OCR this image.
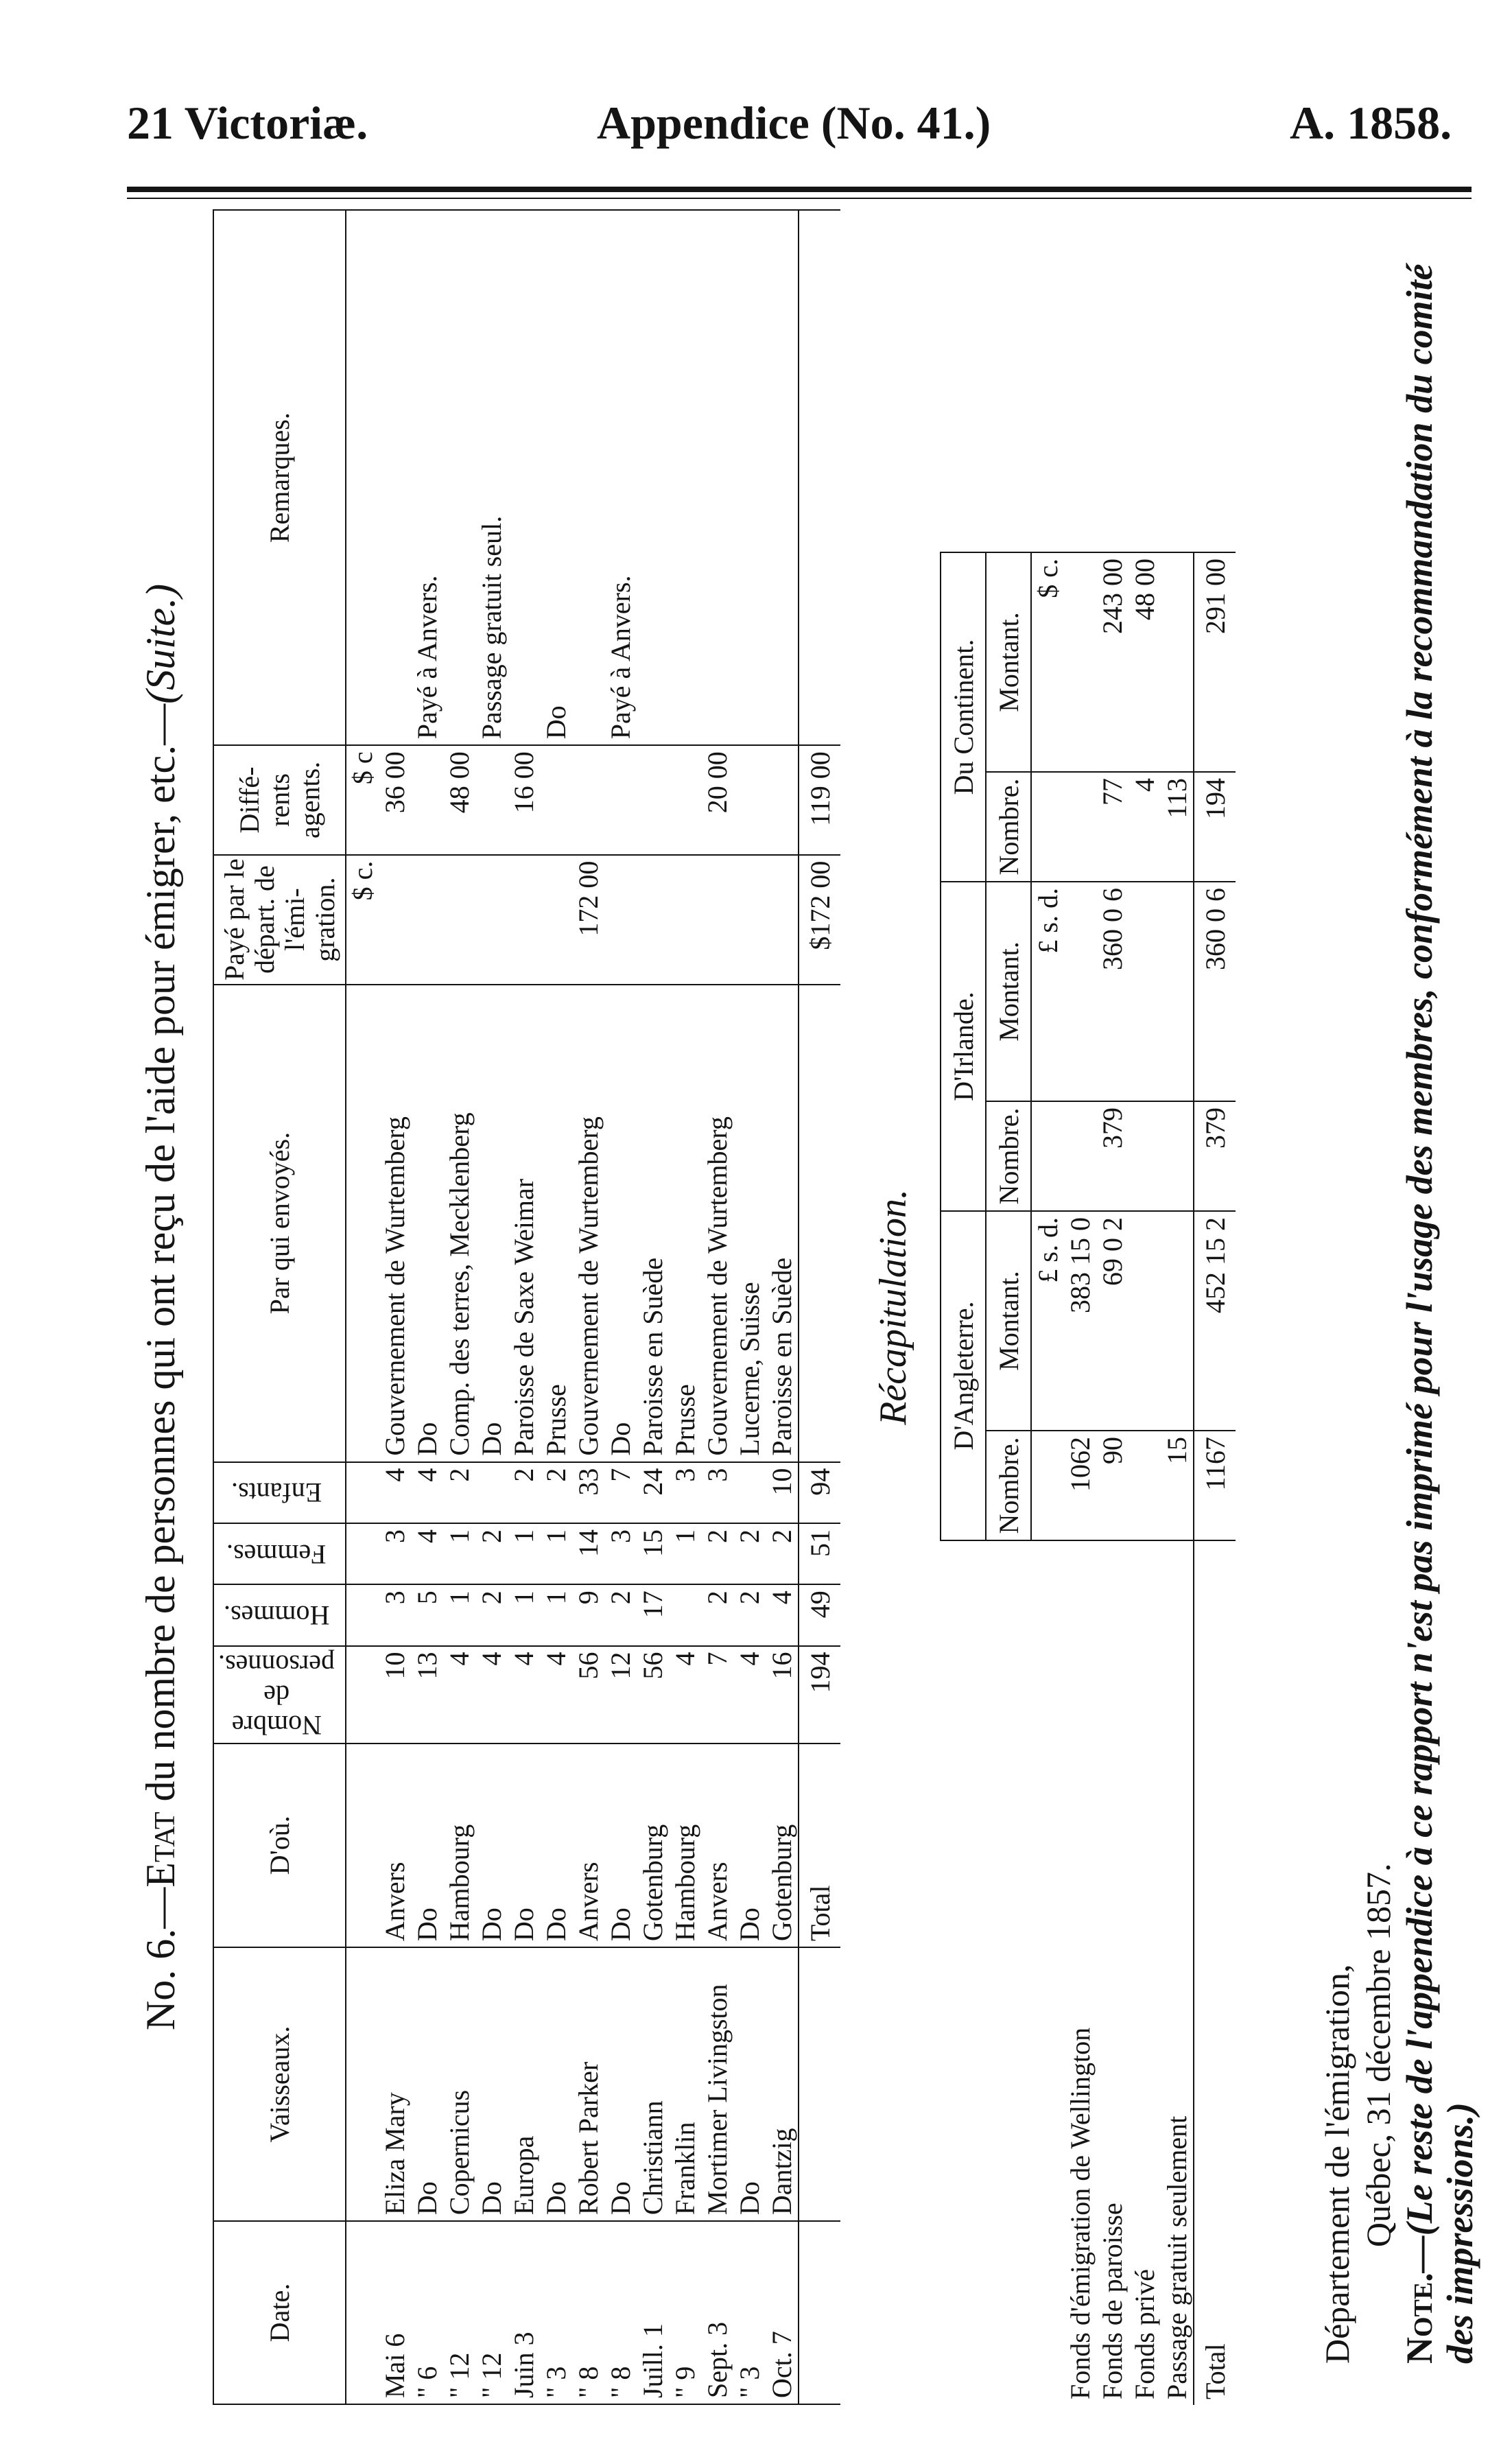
21 Victoriæ.	Appendice (No. 41.)	A. 1858.
No. 6.—Etat du nombre de personnes qui ont reçu de l'aide pour émigrer, etc.—(Suite.)
Date.	Vaisseaux.	D'où.	Nombre de personnes.	Hommes.	Femmes.	Enfants.	Par qui envoyés.	Payé par le départ. de l'émi- gration.	Diffé- rents agents.	Remarques.
								$ c.	$ c	
Mai 6	Eliza Mary	Anvers	10	3	3	4	Gouvernement de Wurtemberg		36 00	
" 6	Do	Do	13	5	4	4	Do			Payé à Anvers.
" 12	Copernicus	Hambourg	4	1	1	2	Comp. des terres, Mecklenberg		48 00	
" 12	Do	Do	4	2	2		Do			Passage gratuit seul.
Juin 3	Europa	Do	4	1	1	2	Paroisse de Saxe Weimar		16 00	
" 3	Do	Do	4	1	1	2	Prusse			Do
" 8	Robert Parker	Anvers	56	9	14	33	Gouvernement de Wurtemberg	172 00		
" 8	Do	Do	12	2	3	7	Do			Payé à Anvers.
Juill. 1	Christiann	Gotenburg	56	17	15	24	Paroisse en Suède			
" 9	Franklin	Hambourg	4		1	3	Prusse			
Sept. 3	Mortimer Livingston	Anvers	7	2	2	3	Gouvernement de Wurtemberg		20 00	
" 3	Do	Do	4	2	2		Lucerne, Suisse			
Oct. 7	Dantzig	Gotenburg	16	4	2	10	Paroisse en Suède			
		Total	194	49	51	94		$172 00	119 00	
Récapitulation.
	D'Angleterre.		D'Irlande.		Du Continent.		
	Nombre.	Montant.	Nombre.	Montant.	Nombre.	Montant.	
		£ s. d.		£ s. d.		$ c.	
Fonds d'émigration de Wellington	1062	383 15 0					
Fonds de paroisse	90	69 0 2	379	360 0 6	77	243 00	
Fonds privé					4	48 00	
Passage gratuit seulement	15				113		
Total	1167	452 15 2	379	360 0 6	194	291 00	
Département de l'émigration, Québec, 31 décembre 1857.
Note.—(Le reste de l'appendice à ce rapport n'est pas imprimé pour l'usage des membres, conformément à la recommandation du comité des impressions.)
